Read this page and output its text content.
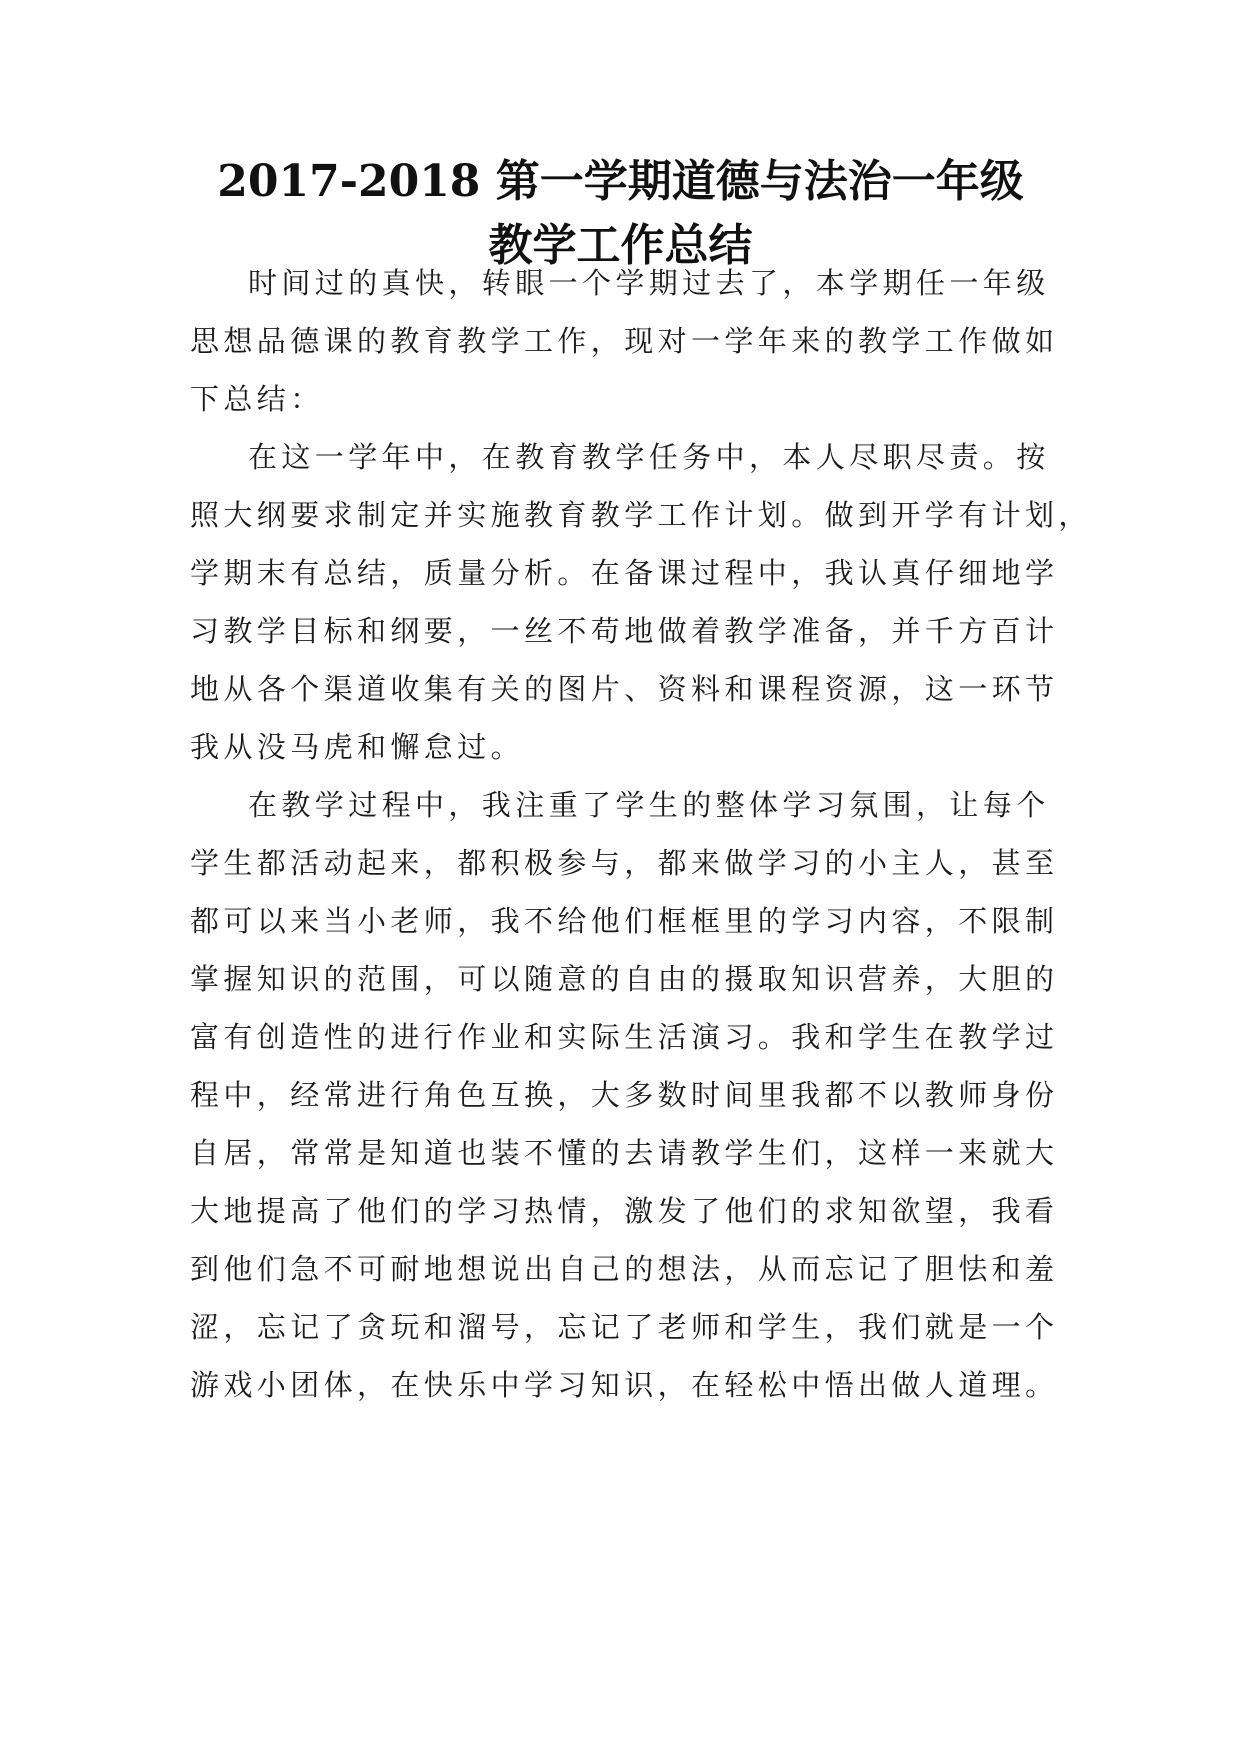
2017-2018 第一学期道德与法治一年级
教学工作总结
时间过的真快，转眼一个学期过去了，本学期任一年级
思想品德课的教育教学工作，现对一学年来的教学工作做如
下总结：
在这一学年中，在教育教学任务中，本人尽职尽责。按
照大纲要求制定并实施教育教学工作计划。做到开学有计划，
学期末有总结，质量分析。在备课过程中，我认真仔细地学
习教学目标和纲要，一丝不苟地做着教学准备，并千方百计
地从各个渠道收集有关的图片、资料和课程资源，这一环节
我从没马虎和懈怠过。
在教学过程中，我注重了学生的整体学习氛围，让每个
学生都活动起来，都积极参与，都来做学习的小主人，甚至
都可以来当小老师，我不给他们框框里的学习内容，不限制
掌握知识的范围，可以随意的自由的摄取知识营养，大胆的
富有创造性的进行作业和实际生活演习。我和学生在教学过
程中，经常进行角色互换，大多数时间里我都不以教师身份
自居，常常是知道也装不懂的去请教学生们，这样一来就大
大地提高了他们的学习热情，激发了他们的求知欲望，我看
到他们急不可耐地想说出自己的想法，从而忘记了胆怯和羞
涩，忘记了贪玩和溜号，忘记了老师和学生，我们就是一个
游戏小团体，在快乐中学习知识，在轻松中悟出做人道理。
